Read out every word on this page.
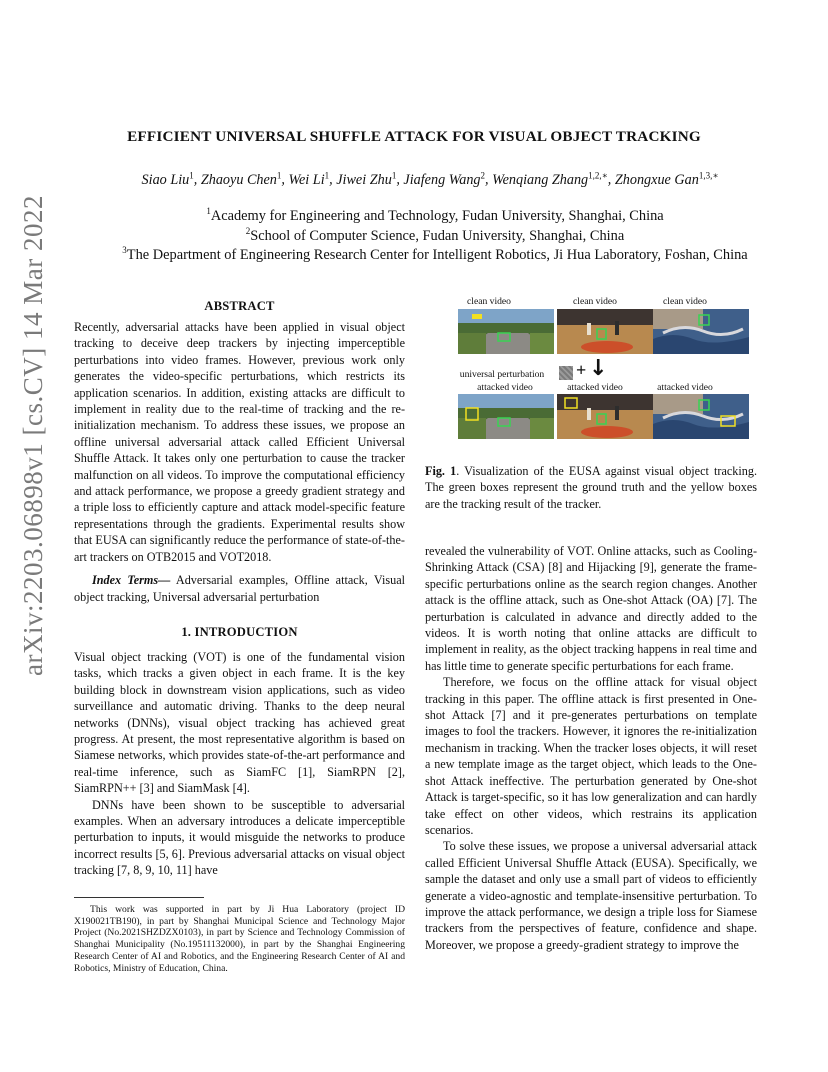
arXiv:2203.06898v1 [cs.CV] 14 Mar 2022
EFFICIENT UNIVERSAL SHUFFLE ATTACK FOR VISUAL OBJECT TRACKING
Siao Liu$^1$, Zhaoyu Chen$^1$, Wei Li$^1$, Jiwei Zhu$^1$, Jiafeng Wang$^2$, Wenqiang Zhang$^{1,2,∗}$, Zhongxue Gan$^{1,3,∗}$
$^1$Academy for Engineering and Technology, Fudan University, Shanghai, China
$^2$School of Computer Science, Fudan University, Shanghai, China
$^3$The Department of Engineering Research Center for Intelligent Robotics, Ji Hua Laboratory, Foshan, China
ABSTRACT

Recently, adversarial attacks have been applied in visual object tracking to deceive deep trackers by injecting imperceptible perturbations into video frames. However, previous work only generates the video-specific perturbations, which restricts its application scenarios. In addition, existing attacks are difficult to implement in reality due to the real-time of tracking and the re-initialization mechanism. To address these issues, we propose an offline universal adversarial attack called Efficient Universal Shuffle Attack. It takes only one perturbation to cause the tracker malfunction on all videos. To improve the computational efficiency and attack performance, we propose a greedy gradient strategy and a triple loss to efficiently capture and attack model-specific feature representations through the gradients. Experimental results show that EUSA can significantly reduce the performance of state-of-the-art trackers on OTB2015 and VOT2018.

Index Terms— Adversarial examples, Offline attack, Visual object tracking, Universal adversarial perturbation

1. INTRODUCTION

Visual object tracking (VOT) is one of the fundamental vision tasks, which tracks a given object in each frame. It is the key building block in downstream vision applications, such as video surveillance and automatic driving. Thanks to the deep neural networks (DNNs), visual object tracking has achieved great progress. At present, the most representative algorithm is based on Siamese networks, which provides state-of-the-art performance and real-time inference, such as SiamFC [1], SiamRPN [2], SiamRPN++ [3] and SiamMask [4].

DNNs have been shown to be susceptible to adversarial examples. When an adversary introduces a delicate imperceptible perturbation to inputs, it would misguide the networks to produce incorrect results [5, 6]. Previous adversarial attacks on visual object tracking [7, 8, 9, 10, 11] have

This work was supported in part by Ji Hua Laboratory (project ID X190021TB190), in part by Shanghai Municipal Science and Technology Major Project (No.2021SHZDZX0103), in part by Science and Technology Commission of Shanghai Municipality (No.19511132000), in part by the Shanghai Engineering Research Center of AI and Robotics, and the Engineering Research Center of AI and Robotics, Ministry of Education, China.
clean video	clean video	clean video
universal perturbation	+ ↓
attacked video	attacked video	attacked video
Fig. 1. Visualization of the EUSA against visual object tracking. The green boxes represent the ground truth and the yellow boxes are the tracking result of the tracker.

revealed the vulnerability of VOT. Online attacks, such as Cooling-Shrinking Attack (CSA) [8] and Hijacking [9], generate the frame-specific perturbations online as the search region changes. Another attack is the offline attack, such as One-shot Attack (OA) [7]. The perturbation is calculated in advance and directly added to the videos. It is worth noting that online attacks are difficult to implement in reality, as the object tracking happens in real time and has little time to generate specific perturbations for each frame.

Therefore, we focus on the offline attack for visual object tracking in this paper. The offline attack is first presented in One-shot Attack [7] and it pre-generates perturbations on template images to fool the trackers. However, it ignores the re-initialization mechanism in tracking. When the tracker loses objects, it will reset a new template image as the target object, which leads to the One-shot Attack ineffective. The perturbation generated by One-shot Attack is target-specific, so it has low generalization and can hardly take effect on other videos, which restrains its application scenarios.

To solve these issues, we propose a universal adversarial attack called Efficient Universal Shuffle Attack (EUSA). Specifically, we sample the dataset and only use a small part of videos to efficiently generate a video-agnostic and template-insensitive perturbation. To improve the attack performance, we design a triple loss for Siamese trackers from the perspectives of feature, confidence and shape. Moreover, we propose a greedy-gradient strategy to improve the
